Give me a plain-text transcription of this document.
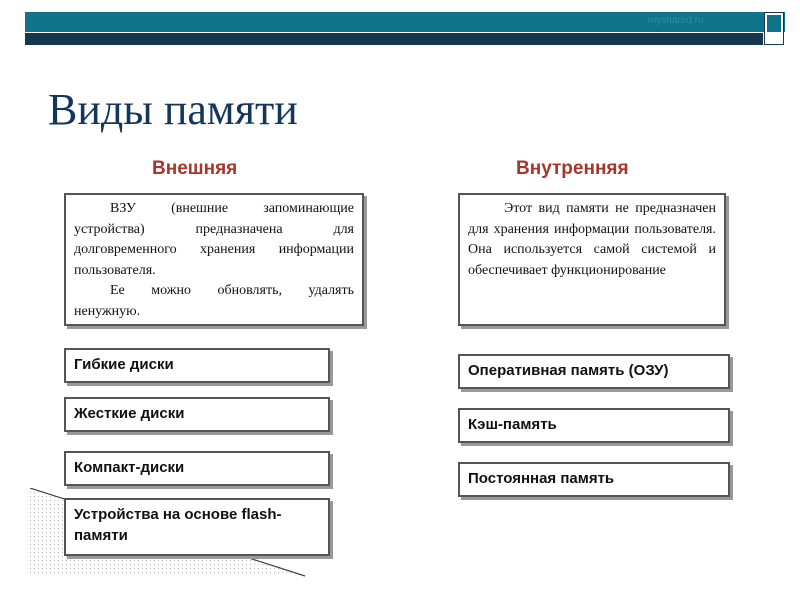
myshared.ru
Виды памяти
Внешняя	Внутренняя

ВЗУ (внешние запоминающие устройства) предназначена для долговременного хранения информации пользователя.

Ее можно обновлять, удалять ненужную.

Этот вид памяти не предназначен для хранения информации пользователя. Она используется самой системой и обеспечивает функционирование

Гибкие диски
Жесткие диски
Компакт-диски
Устройства на основе flash-памяти
Оперативная память (ОЗУ)
Кэш-память
Постоянная память
